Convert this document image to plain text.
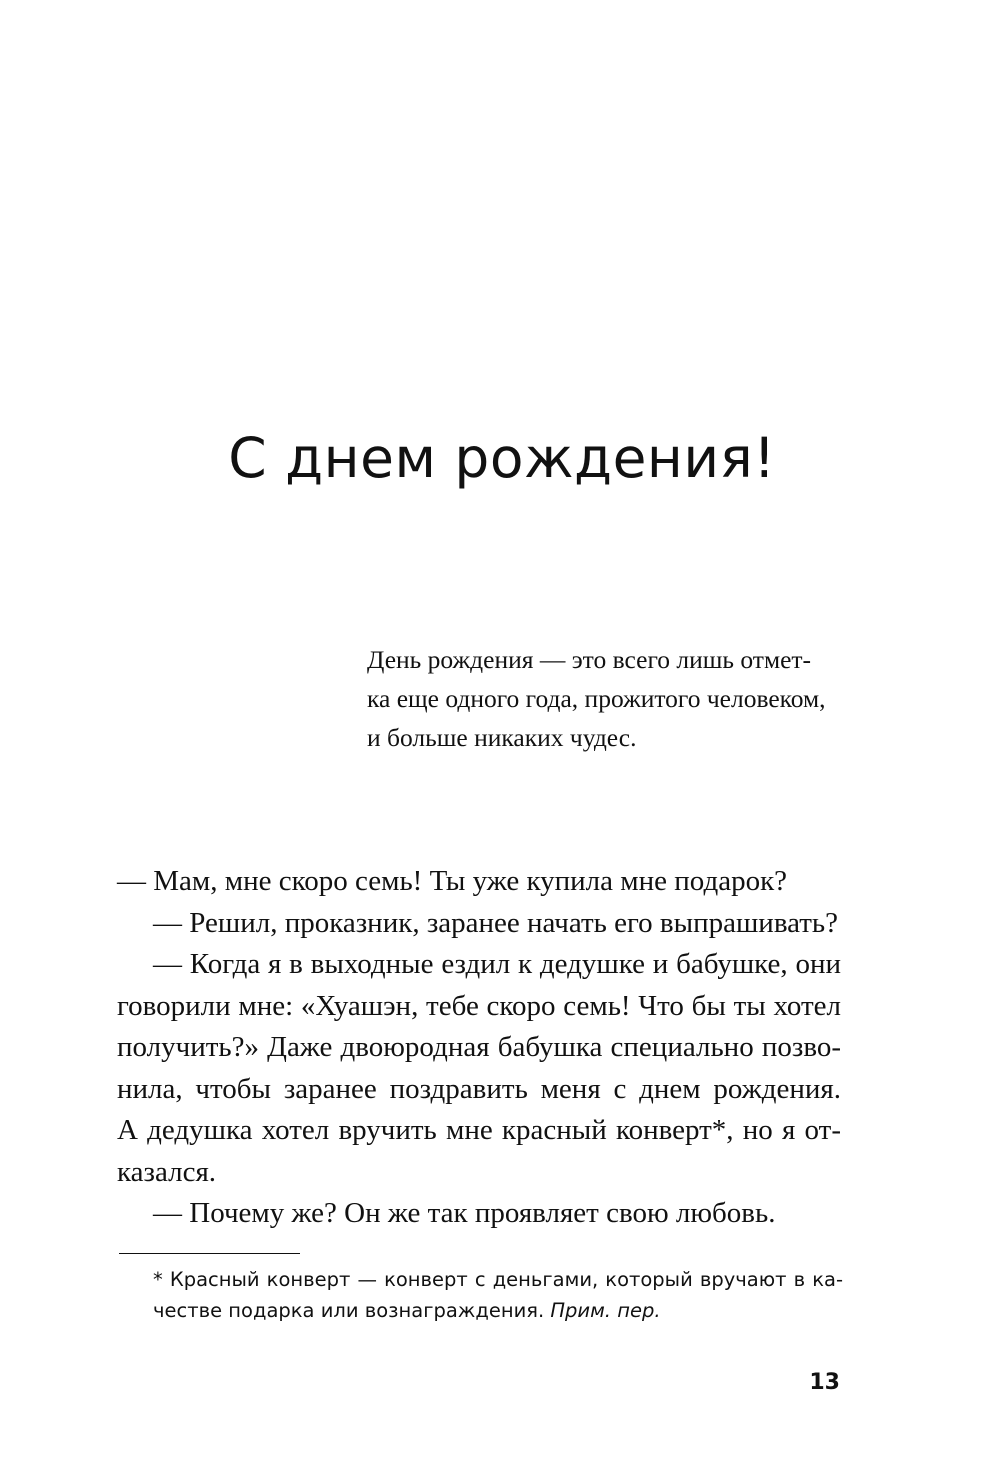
С днем рождения!
День рождения — это всего лишь отмет-
ка еще одного года, прожитого человеком,
и больше никаких чудес.
— Мам, мне скоро семь! Ты уже купила мне подарок?
— Решил, проказник, заранее начать его выпрашивать?
— Когда я в выходные ездил к дедушке и бабушке, они
говорили мне: «Хуашэн, тебе скоро семь! Что бы ты хотел
получить?» Даже двоюродная бабушка специально позво-
нила, чтобы заранее поздравить меня с днем рождения.
А дедушка хотел вручить мне красный конверт*, но я от-
казался.
— Почему же? Он же так проявляет свою любовь.
* Красный конверт — конверт с деньгами, который вручают в ка-
честве подарка или вознаграждения. Прим. пер.
13
